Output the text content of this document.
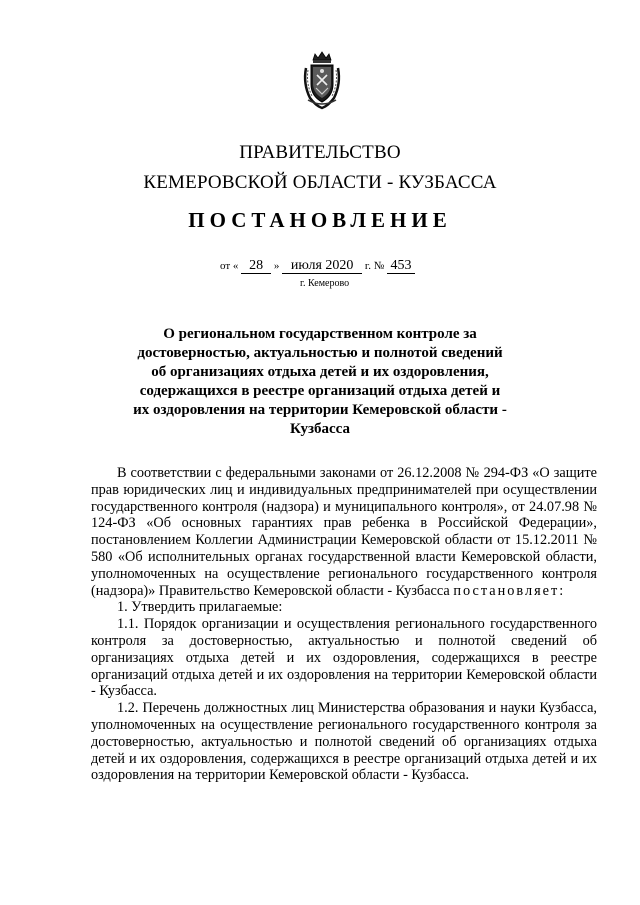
ПРАВИТЕЛЬСТВО
КЕМЕРОВСКОЙ ОБЛАСТИ - КУЗБАССА
ПОСТАНОВЛЕНИЕ
от « 28 » июля 2020 г. № 453
г. Кемерово
О региональном государственном контроле за достоверностью, актуальностью и полнотой сведений об организациях отдыха детей и их оздоровления, содержащихся в реестре организаций отдыха детей и их оздоровления на территории Кемеровской области - Кузбасса

В соответствии с федеральными законами от 26.12.2008 № 294-ФЗ «О защите прав юридических лиц и индивидуальных предпринимателей при осуществлении государственного контроля (надзора) и муниципального контроля», от 24.07.98 № 124-ФЗ «Об основных гарантиях прав ребенка в Российской Федерации», постановлением Коллегии Администрации Кемеровской области от 15.12.2011 № 580 «Об исполнительных органах государственной власти Кемеровской области, уполномоченных на осуществление регионального государственного контроля (надзора)» Правительство Кемеровской области - Кузбасса постановляет:

1. Утвердить прилагаемые:

1.1. Порядок организации и осуществления регионального государственного контроля за достоверностью, актуальностью и полнотой сведений об организациях отдыха детей и их оздоровления, содержащихся в реестре организаций отдыха детей и их оздоровления на территории Кемеровской области - Кузбасса.

1.2. Перечень должностных лиц Министерства образования и науки Кузбасса, уполномоченных на осуществление регионального государственного контроля за достоверностью, актуальностью и полнотой сведений об организациях отдыха детей и их оздоровления, содержащихся в реестре организаций отдыха детей и их оздоровления на территории Кемеровской области - Кузбасса.
